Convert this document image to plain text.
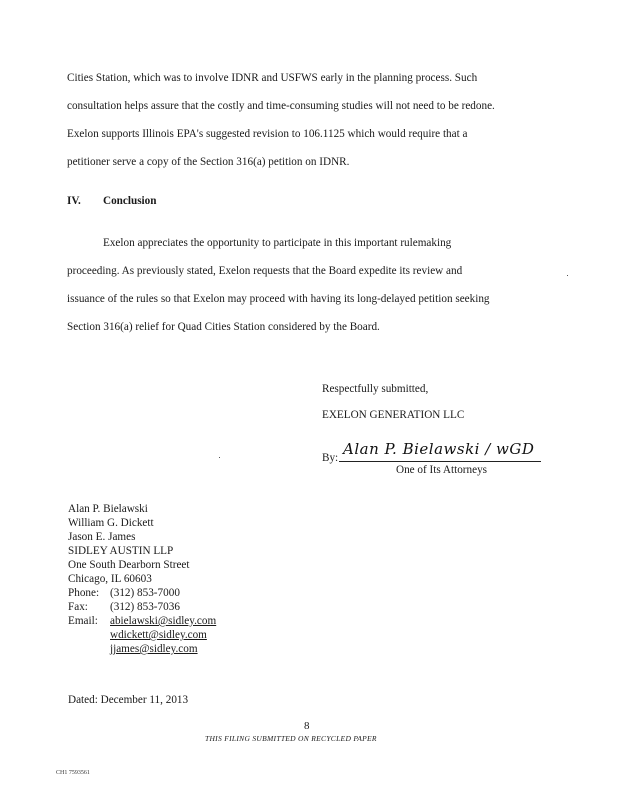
Cities Station, which was to involve IDNR and USFWS early in the planning process. Such
consultation helps assure that the costly and time-consuming studies will not need to be redone.
Exelon supports Illinois EPA's suggested revision to 106.1125 which would require that a
petitioner serve a copy of the Section 316(a) petition on IDNR.
IV. Conclusion
Exelon appreciates the opportunity to participate in this important rulemaking
proceeding. As previously stated, Exelon requests that the Board expedite its review and
issuance of the rules so that Exelon may proceed with having its long-delayed petition seeking
Section 316(a) relief for Quad Cities Station considered by the Board.
Respectfully submitted,
EXELON GENERATION LLC
By: Alan P. Bielawski / wGD
One of Its Attorneys
Alan P. Bielawski
William G. Dickett
Jason E. James
SIDLEY AUSTIN LLP
One South Dearborn Street
Chicago, IL 60603
Phone: (312) 853-7000
Fax: (312) 853-7036
Email: abielawski@sidley.com
wdickett@sidley.com
jjames@sidley.com
Dated: December 11, 2013
8
THIS FILING SUBMITTED ON RECYCLED PAPER
CH1 7593561
